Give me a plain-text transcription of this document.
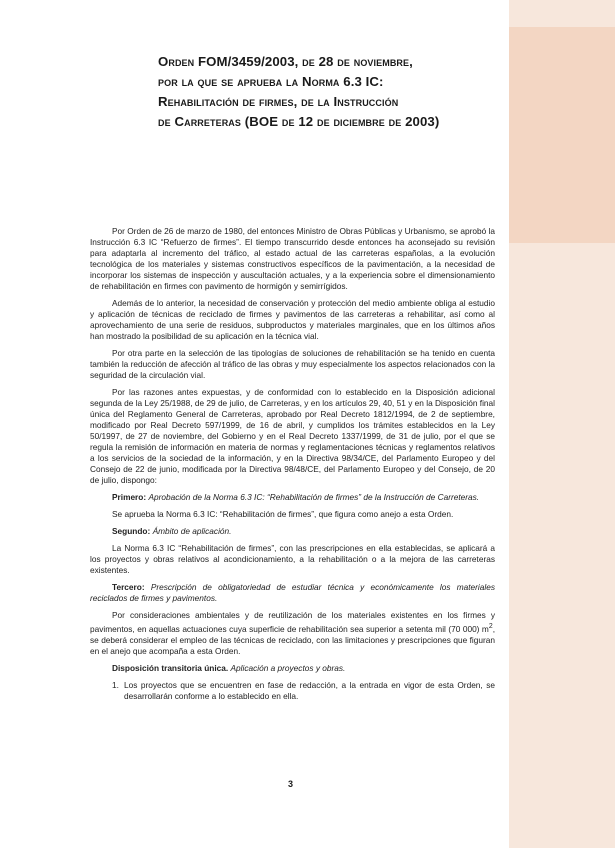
Orden FOM/3459/2003, de 28 de noviembre,
por la que se aprueba la Norma 6.3 IC:
Rehabilitación de firmes, de la Instrucción
de Carreteras (BOE de 12 de diciembre de 2003)

Por Orden de 26 de marzo de 1980, del entonces Ministro de Obras Públicas y Urbanismo, se aprobó la Instrucción 6.3 IC “Refuerzo de firmes”. El tiempo transcurrido desde entonces ha aconsejado su revisión para adaptarla al incremento del tráfico, al estado actual de las carreteras españolas, a la evolución tecnológica de los materiales y sistemas constructivos específicos de la pavimentación, a la necesidad de incorporar los sistemas de inspección y auscultación actuales, y a la experiencia sobre el dimensionamiento de rehabilitación en firmes con pavimento de hormigón y semirrígidos.

Además de lo anterior, la necesidad de conservación y protección del medio ambiente obliga al estudio y aplicación de técnicas de reciclado de firmes y pavimentos de las carreteras a rehabilitar, así como al aprovechamiento de una serie de residuos, subproductos y materiales marginales, que en los últimos años han mostrado la posibilidad de su aplicación en la técnica vial.

Por otra parte en la selección de las tipologías de soluciones de rehabilitación se ha tenido en cuenta también la reducción de afección al tráfico de las obras y muy especialmente los aspectos relacionados con la seguridad de la circulación vial.

Por las razones antes expuestas, y de conformidad con lo establecido en la Disposición adicional segunda de la Ley 25/1988, de 29 de julio, de Carreteras, y en los artículos 29, 40, 51 y en la Disposición final única del Reglamento General de Carreteras, aprobado por Real Decreto 1812/1994, de 2 de septiembre, modificado por Real Decreto 597/1999, de 16 de abril, y cumplidos los trámites establecidos en la Ley 50/1997, de 27 de noviembre, del Gobierno y en el Real Decreto 1337/1999, de 31 de julio, por el que se regula la remisión de información en materia de normas y reglamentaciones técnicas y reglamentos relativos a los servicios de la sociedad de la información, y en la Directiva 98/34/CE, del Parlamento Europeo y del Consejo de 22 de junio, modificada por la Directiva 98/48/CE, del Parlamento Europeo y del Consejo, de 20 de julio, dispongo:

Primero: Aprobación de la Norma 6.3 IC: “Rehabilitación de firmes” de la Instrucción de Carreteras.

Se aprueba la Norma 6.3 IC: “Rehabilitación de firmes”, que figura como anejo a esta Orden.

Segundo: Ámbito de aplicación.

La Norma 6.3 IC “Rehabilitación de firmes”, con las prescripciones en ella establecidas, se aplicará a los proyectos y obras relativos al acondicionamiento, a la rehabilitación o a la mejora de las carreteras existentes.

Tercero: Prescripción de obligatoriedad de estudiar técnica y económicamente los materiales reciclados de firmes y pavimentos.

Por consideraciones ambientales y de reutilización de los materiales existentes en los firmes y pavimentos, en aquellas actuaciones cuya superficie de rehabilitación sea superior a setenta mil (70 000) $m^2$, se deberá considerar el empleo de las técnicas de reciclado, con las limitaciones y prescripciones que figuran en el anejo que acompaña a esta Orden.

Disposición transitoria única. Aplicación a proyectos y obras.

1. Los proyectos que se encuentren en fase de redacción, a la entrada en vigor de esta Orden, se desarrollarán conforme a lo establecido en ella.

3
